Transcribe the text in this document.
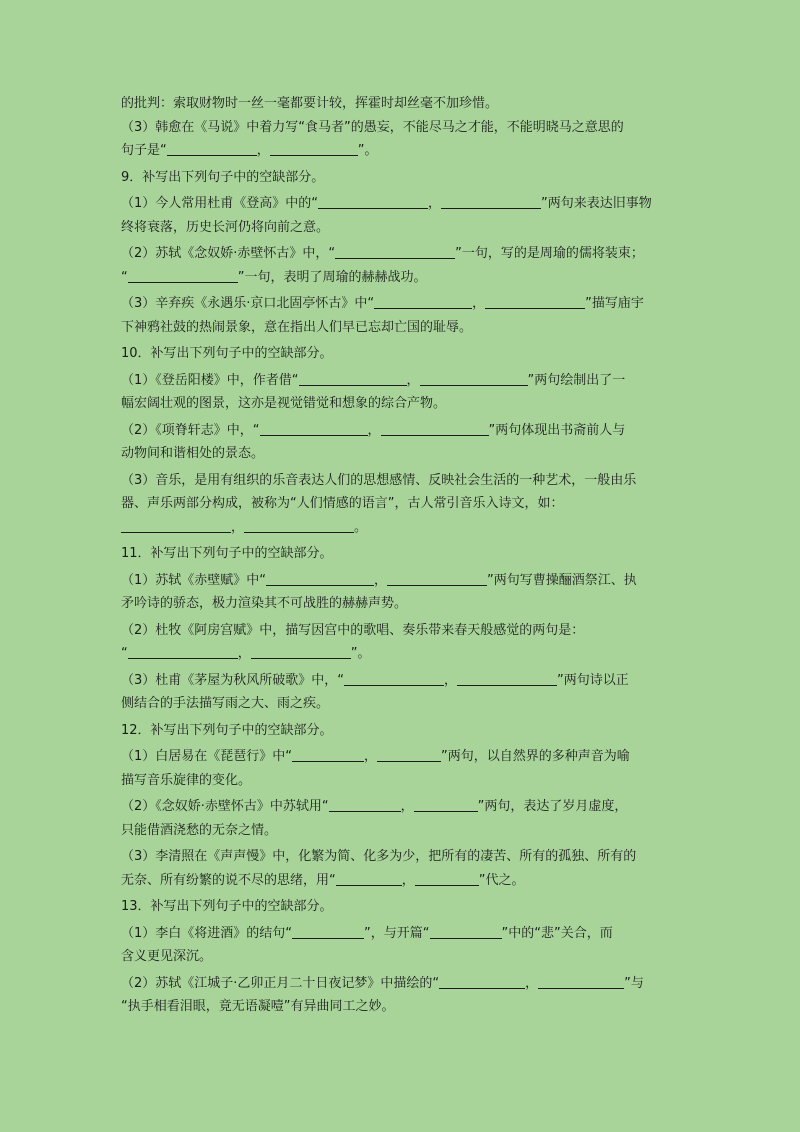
的批判：索取财物时一丝一毫都要计较，挥霍时却丝毫不加珍惜。
（3）韩愈在《马说》中着力写“食马者”的愚妄，不能尽马之才能，不能明晓马之意思的
句子是“	，	”。
9．补写出下列句子中的空缺部分。
（1）今人常用杜甫《登高》中的“	，	”两句来表达旧事物
终将衰落，历史长河仍将向前之意。
（2）苏轼《念奴娇·赤壁怀古》中，“	”一句，写的是周瑜的儒将装束；
“	”一句，表明了周瑜的赫赫战功。
（3）辛弃疾《永遇乐·京口北固亭怀古》中“	，	”描写庙宇
下神鸦社鼓的热闹景象，意在指出人们早已忘却亡国的耻辱。
10．补写出下列句子中的空缺部分。
（1）《登岳阳楼》中，作者借“	，	”两句绘制出了一
幅宏阔壮观的图景，这亦是视觉错觉和想象的综合产物。
（2）《项脊轩志》中，“	，	”两句体现出书斋前人与
动物间和谐相处的景态。
（3）音乐，是用有组织的乐音表达人们的思想感情、反映社会生活的一种艺术，一般由乐
器、声乐两部分构成，被称为“人们情感的语言”，古人常引音乐入诗文，如：
，	。
11．补写出下列句子中的空缺部分。
（1）苏轼《赤壁赋》中“	，	”两句写曹操酾酒祭江、执
矛吟诗的骄态，极力渲染其不可战胜的赫赫声势。
（2）杜牧《阿房宫赋》中，描写因宫中的歌唱、奏乐带来春天般感觉的两句是：
“	，	”。
（3）杜甫《茅屋为秋风所破歌》中，“	，	”两句诗以正
侧结合的手法描写雨之大、雨之疾。
12．补写出下列句子中的空缺部分。
（1）白居易在《琵琶行》中“	，	”两句，以自然界的多种声音为喻
描写音乐旋律的变化。
（2）《念奴娇·赤壁怀古》中苏轼用“	，	”两句，表达了岁月虚度，
只能借酒浇愁的无奈之情。
（3）李清照在《声声慢》中，化繁为简、化多为少，把所有的凄苦、所有的孤独、所有的
无奈、所有纷繁的说不尽的思绪，用“	，	”代之。
13．补写出下列句子中的空缺部分。
（1）李白《将进酒》的结句“	”，与开篇“	”中的“悲”关合，而
含义更见深沉。
（2）苏轼《江城子·乙卯正月二十日夜记梦》中描绘的“	，	”与
“执手相看泪眼，竟无语凝噎”有异曲同工之妙。
